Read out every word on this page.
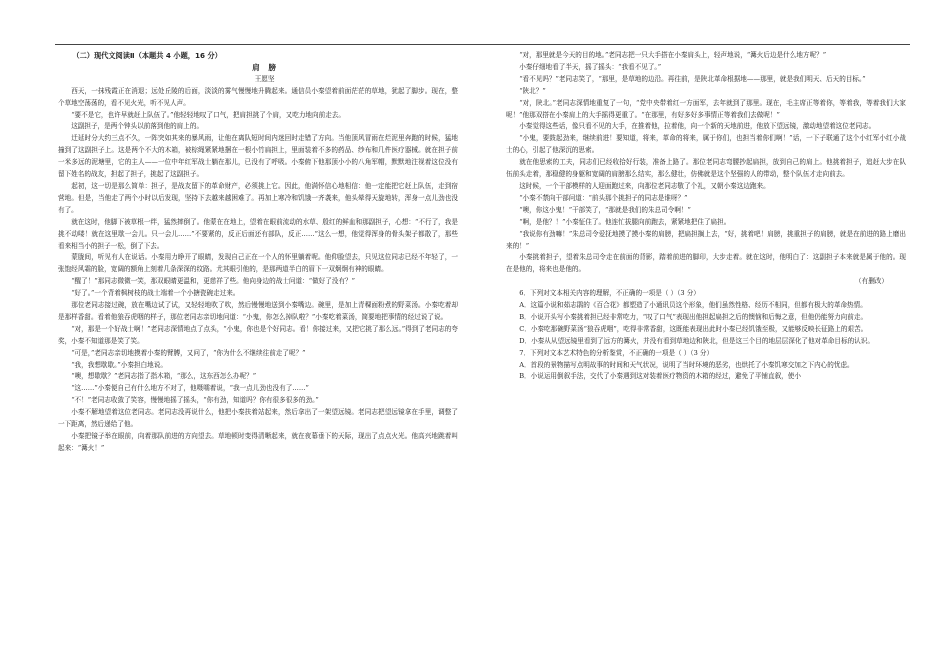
（二）现代文阅读Ⅱ（本题共 4 小题，16 分）

肩 膀

王愿坚

西天，一抹残霞正在消退；远处丘陵的后面，淡淡的雾气慢慢地升腾起来。通信员小秦望着前面茫茫的草地，犹起了脚步。现在，整个草地空荡荡的，看不见火光，听不见人声。

“要不是它，也许早就赶上队伍了。”他轻轻地叹了口气，把肩担挑了个肩，又吃力地向前走去。

这副担子，是两个钟头以前落到他的肩上的。

迁延时分大约三点不久，一阵突如其来的暴风雨，让他在离队短时间内迷回时走错了方向。当他顶风冒雨在烂泥里奔跑的时候，猛地撞到了这副担子上。这是两个不大的木箱，被棕绳紧紧地捆在一根小竹扁担上，里面装着不多的药品、纱布和几件医疗器械。就在担子前一米多远的泥塘里，它的主人——一位中年红军战士躺在那儿，已没有了呼吸。小秦俯下他那顶小小的八角军帽，默默地注视着这位没有留下姓名的战友，担起了担子，挑起了这副担子。

起初，这一切是那么简单：担子，是战友留下的革命财产，必须挑上它。因此，他满怀信心地相信：他一定能把它赶上队伍，走到宿营地。但是，当他走了两个小时以后发现，坚持下去越来越困难了。再加上寒冷和饥饿一齐袭来，他头晕得天旋地转，浑身一点儿劲也没有了。

就在这时，他脚下被草根一绊，猛然摔倒了。他蒙在在地上，望着在眼前流动的水草、殷红的鲜血和那副担子，心想：“不行了，我是挑不动喽！就在这里歇一会儿。只一会儿……”不要紧的，反正后面还有部队，反正……”这么一想，他觉得浑身的骨头架子都散了，那些看来相当小的担子一松，倒了下去。

蒙胧间，听见有人在说话。小秦用力睁开了眼睛，发现自己正在一个人的怀里躺着呢。他仰脸望去，只见这位同志已经不年轻了，一张饱经风霜的脸，宽阔的额角上刻着几条深深的纹路。尤其眼引他的，是那两道半白的眉下一双炯炯有神的眼睛。

“醒了！”那同志微微一笑，那双眼睛更温和，更慈祥了些。他向身边的战士问道：“做好了没有？”

“好了。”一个背着枫树枝的战士端着一个小搪瓷碗走过来。

那位老同志接过碗，放在嘴边试了试，又轻轻地吹了吹，然后慢慢地送到小秦嘴边。碗里，是加上青稞面粉煮的野菜汤。小秦吃着却是那样香甜。看着他狼吞虎咽的样子，那位老同志亲切地问道：“小鬼，你怎么掉队啦？”小秦吃着菜汤，简要地把事情的经过说了说。

“对，那是一个好战士啊！”老同志深情地点了点头，“小鬼，你也是个好同志。看！你接过来，又把它挑了那么远。”得到了老同志的夸奖，小秦不知道那是笑了笑。

“可是，”老同志亲切地摸着小秦的臂膊，又问了，“你为什么不继续往前走了呢？”

“我，我想歇歇。”小秦担白地说。

“噢，想歇歇？”老同志指了指木箱，“那么，这东西怎么办呢？”

“这……”小秦便自己有什么地方不对了，他嗫嚅着说，“我一点儿劲也没有了……”

“不！”老同志收敛了笑容，慢慢地摇了摇头，“你有劲，知道吗？你有很多很多的劲。”

小秦不解地望着这位老同志。老同志没再说什么，他把小秦扶着站起来，然后拿出了一架望远镜。老同志把望远镜拿在手里，调整了一下距离，然后递给了他。

小秦把镜子举在眼前，向着那队前进的方向望去。草地顿时变得清晰起来，就在夜幕垂下的天际，现出了点点火光。他高兴地跳着叫起来：“篝火！”

“对，那里就是今天的目的地。”老同志把一只大手搭在小秦肩头上，轻声地说，“篝火后边是什么地方呢？”

小秦仔细地看了半天，摇了摇头：“我看不见了。”

“看不见吗？”老同志笑了，“那里，是草地的边沿。再往前，是陕北革命根据地——那里，就是我们明天、后天的目标。”

“陕北？”

“对，陕北。”老同志深情地重复了一句，“党中央带着红一方面军，去年就到了那里。现在，毛主席正等着你，等着我，等着我们大家呢！”他那双搭在小秦肩上的大手摇得更重了。“在那里，有好多好多事情正等着我们去做呢！”

小秦觉得这些话，像只看不见的大手，在推着他，拉着他，向一个新的天地前进，他放下望远镜，激动地望着这位老同志。

“小鬼，要鼓起劲来，继续前进！要知道，将来，革命的将来，属于你们，也担当着你们啊！”话，一下子联通了这个小红军小红小战士的心，引起了他深沉的思索。

就在他思索的工夫，同志们已经收拾好行装，准备上路了。那位老同志弯腰抄起扁担，放到自己的肩上。他挑着担子，追赶大步在队伍前头走着，那稳健的身躯和宽阔的肩膀那么结实，那么健壮，仿佛就是这个坚强的人的带动，整个队伍才走向前去。

这时候，一个干部模样的人迎面跑过来，向那位老同志敬了个礼，又朝小秦这边跑来。

“小秦不禁向干部问道：“前头那个挑担子的同志是谁呀？”

“噢，你这小鬼！”干部笑了，“那就是我们的朱总司令啊！”

“啊，是他？！”小秦怔住了。他连忙拔腿向前跑去，紧紧地把住了扁担。

“我说你有劲嘛！”朱总司令爱抚地摸了摸小秦的肩膀，把扁担搁上去，“好，挑着吧！肩膀，挑重担子的肩膀，就是在前进的路上磨出来的！”

小秦挑着担子，望着朱总司令走在前面的背影，踏着前进的脚印，大步走着。就在这时，他明白了：这副担子本来就是属于他的。现在是他的，将来也是他的。

（有删改）

6．下列对文本相关内容的理解，不正确的一项是（ ）（3 分）

A．这篇小说和茹志鹃的《百合花》都塑造了小通讯员这个形象，他们虽然性格、经历不相同，但都有极大的革命热情。

B．小说开头写小秦挑着担已经非常吃力，“叹了口气”表现出他担起扁担之后的懊恼和后悔之意，但他仍能努力向前走。

C．小秦吃那碗野菜汤“狼吞虎咽”，吃得非常香甜，这既能表现出此时小秦已经饥饿至极，又能够反映长征路上的艰苦。

D．小秦从从望远镜里看到了远方的篝火，并没有看到草地边和陕北，但是这三个目的地层层深化了他对革命目标的认识。

7．下列对文本艺术特色的分析鉴赏，不正确的一项是（ ）（3 分）

A．首段的景物描写点明故事的时间和天气状况，说明了当时环境的恶劣，也烘托了小秦饥寒交加之下内心的忧虑。

B．小说运用倒叙手法，交代了小秦遇到这对装着医疗物资的木箱的经过，避免了平铺直叙，使小
